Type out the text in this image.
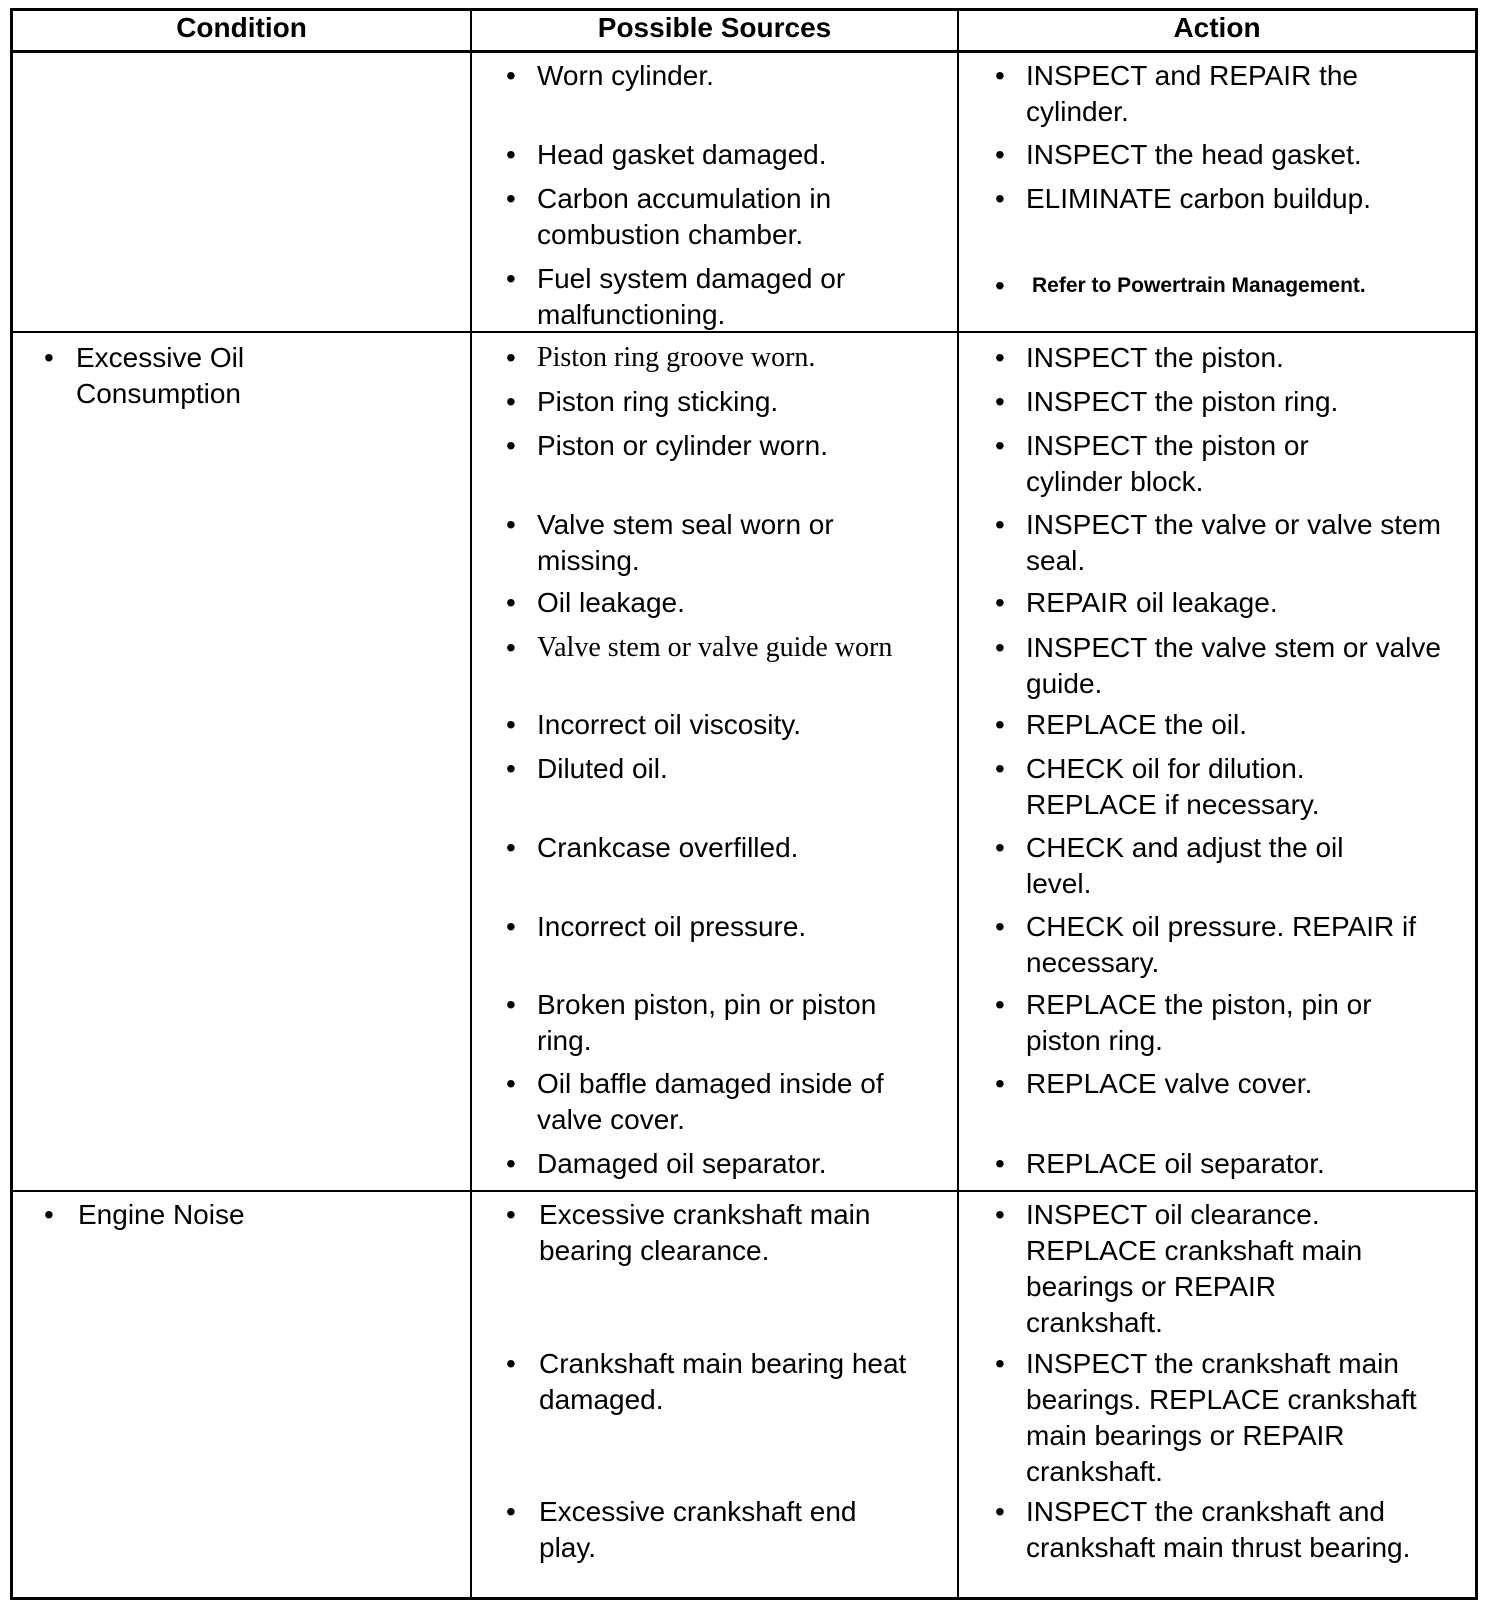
Condition	Possible Sources	Action
• Excessive Oil Consumption
• Engine Noise
• Worn cylinder.
• Head gasket damaged.
• Carbon accumulation in combustion chamber.
• Fuel system damaged or malfunctioning.
• INSPECT and REPAIR the cylinder.
• INSPECT the head gasket.
• ELIMINATE carbon buildup.
• Refer to Powertrain Management.
• Piston ring groove worn.
• Piston ring sticking.
• Piston or cylinder worn.
• Valve stem seal worn or missing.
• Oil leakage.
• Valve stem or valve guide worn
• Incorrect oil viscosity.
• Diluted oil.
• Crankcase overfilled.
• Incorrect oil pressure.
• Broken piston, pin or piston ring.
• Oil baffle damaged inside of valve cover.
• Damaged oil separator.
• INSPECT the piston.
• INSPECT the piston ring.
• INSPECT the piston or cylinder block.
• INSPECT the valve or valve stem seal.
• REPAIR oil leakage.
• INSPECT the valve stem or valve guide.
• REPLACE the oil.
• CHECK oil for dilution. REPLACE if necessary.
• CHECK and adjust the oil level.
• CHECK oil pressure. REPAIR if necessary.
• REPLACE the piston, pin or piston ring.
• REPLACE valve cover.
• REPLACE oil separator.
• Excessive crankshaft main bearing clearance.
• Crankshaft main bearing heat damaged.
• Excessive crankshaft end play.
• INSPECT oil clearance. REPLACE crankshaft main bearings or REPAIR crankshaft.
• INSPECT the crankshaft main bearings. REPLACE crankshaft main bearings or REPAIR crankshaft.
• INSPECT the crankshaft and crankshaft main thrust bearing.
